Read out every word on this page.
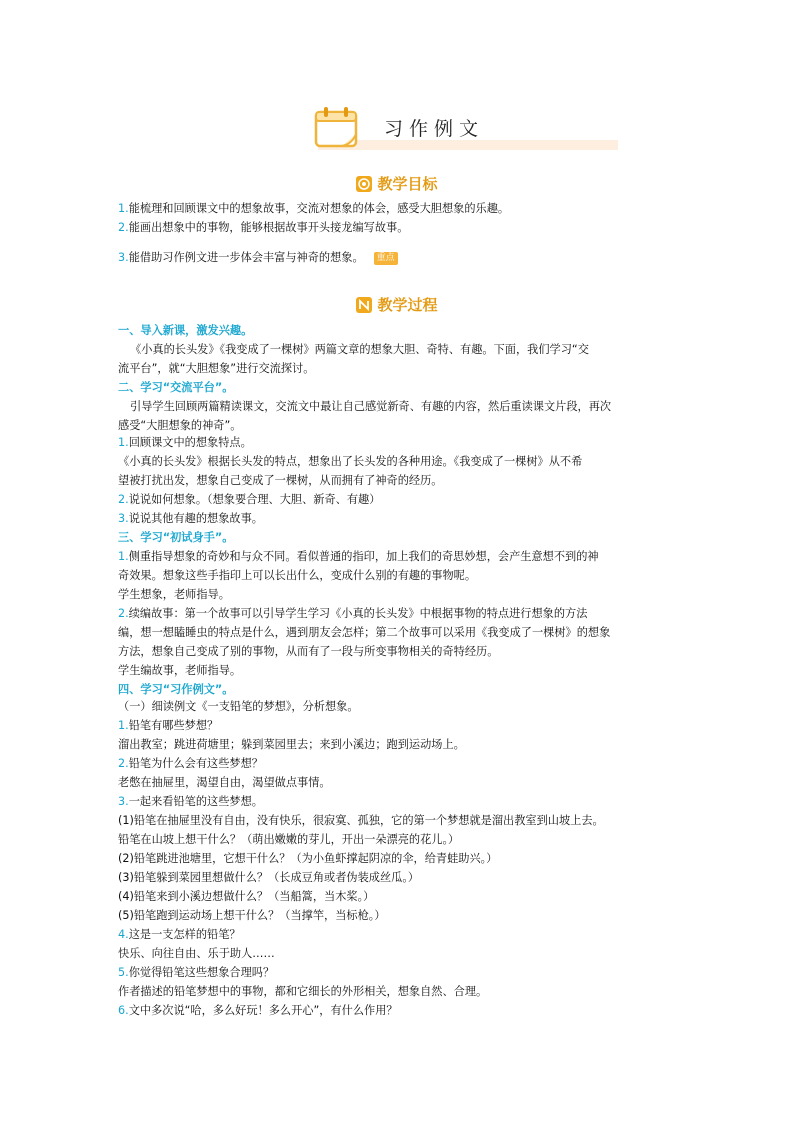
习作例文
教学目标
1.能梳理和回顾课文中的想象故事，交流对想象的体会，感受大胆想象的乐趣。
2.能画出想象中的事物，能够根据故事开头接龙编写故事。
3.能借助习作例文进一步体会丰富与神奇的想象。 重点
教学过程
一、导入新课，激发兴趣。
《小真的长头发》《我变成了一棵树》两篇文章的想象大胆、奇特、有趣。下面，我们学习“交
流平台”，就“大胆想象”进行交流探讨。
二、学习“交流平台”。
引导学生回顾两篇精读课文，交流文中最让自己感觉新奇、有趣的内容，然后重读课文片段，再次
感受“大胆想象的神奇”。
1.回顾课文中的想象特点。
《小真的长头发》根据长头发的特点，想象出了长头发的各种用途。《我变成了一棵树》从不希
望被打扰出发，想象自己变成了一棵树，从而拥有了神奇的经历。
2.说说如何想象。（想象要合理、大胆、新奇、有趣）
3.说说其他有趣的想象故事。
三、学习“初试身手”。
1.侧重指导想象的奇妙和与众不同。看似普通的指印，加上我们的奇思妙想，会产生意想不到的神
奇效果。想象这些手指印上可以长出什么，变成什么别的有趣的事物呢。
学生想象，老师指导。
2.续编故事：第一个故事可以引导学生学习《小真的长头发》中根据事物的特点进行想象的方法
编，想一想瞌睡虫的特点是什么，遇到朋友会怎样；第二个故事可以采用《我变成了一棵树》的想象
方法，想象自己变成了别的事物，从而有了一段与所变事物相关的奇特经历。
学生编故事，老师指导。
四、学习“习作例文”。
（一）细读例文《一支铅笔的梦想》，分析想象。
1.铅笔有哪些梦想？
溜出教室；跳进荷塘里；躲到菜园里去；来到小溪边；跑到运动场上。
2.铅笔为什么会有这些梦想？
老憋在抽屉里，渴望自由，渴望做点事情。
3.一起来看铅笔的这些梦想。
(1)铅笔在抽屉里没有自由，没有快乐，很寂寞、孤独，它的第一个梦想就是溜出教室到山坡上去。
铅笔在山坡上想干什么？（萌出嫩嫩的芽儿，开出一朵漂亮的花儿。）
(2)铅笔跳进池塘里，它想干什么？（为小鱼虾撑起阴凉的伞，给青蛙助兴。）
(3)铅笔躲到菜园里想做什么？（长成豆角或者伪装成丝瓜。）
(4)铅笔来到小溪边想做什么？（当船篙，当木桨。）
(5)铅笔跑到运动场上想干什么？（当撑竿，当标枪。）
4.这是一支怎样的铅笔？
快乐、向往自由、乐于助人……
5.你觉得铅笔这些想象合理吗？
作者描述的铅笔梦想中的事物，都和它细长的外形相关，想象自然、合理。
6.文中多次说“哈，多么好玩！多么开心”，有什么作用？
